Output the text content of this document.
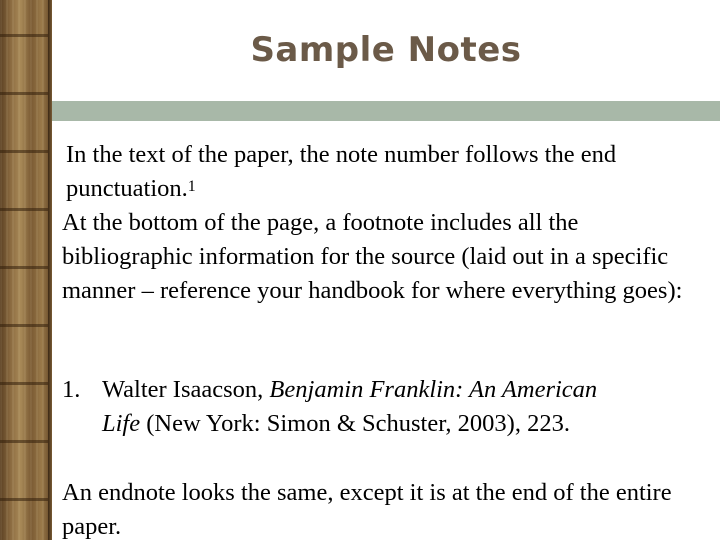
Sample Notes
In the text of the paper, the note number follows the end punctuation.$^1$
At the bottom of the page, a footnote includes all the bibliographic information for the source (laid out in a specific manner – reference your handbook for where everything goes):
1. Walter Isaacson, Benjamin Franklin: An American
Life (New York: Simon & Schuster, 2003), 223.
An endnote looks the same, except it is at the end of the entire paper.
